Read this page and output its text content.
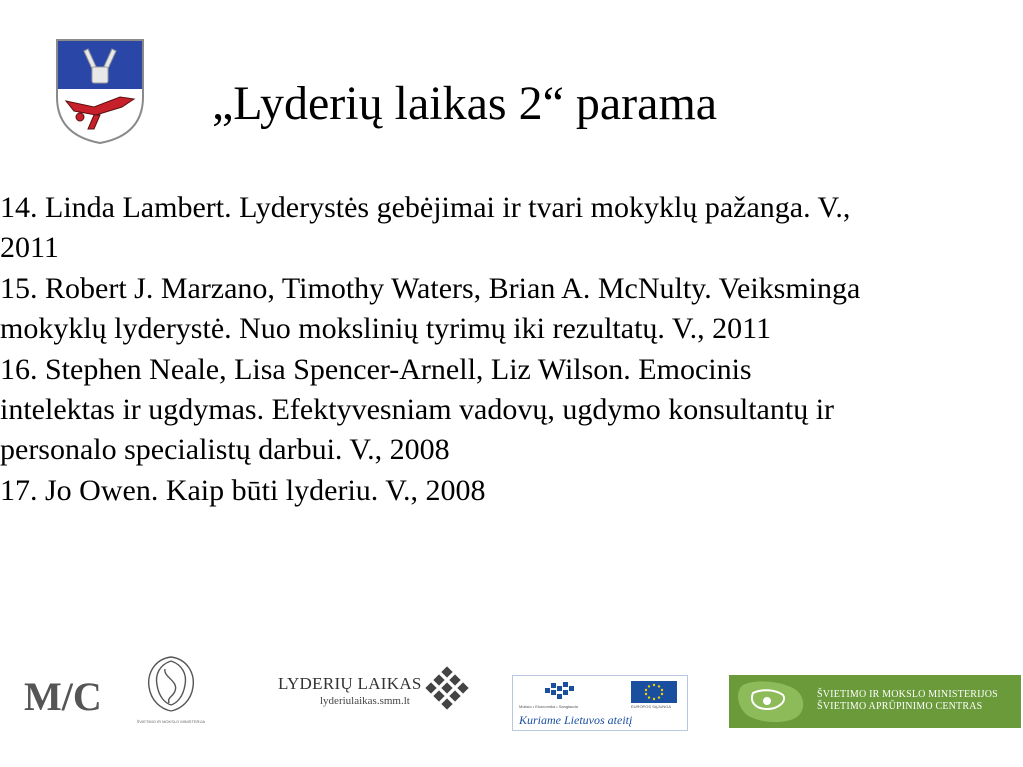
„Lyderių laikas 2“ parama
14. Linda Lambert. Lyderystės gebėjimai ir tvari mokyklų pažanga. V.,
2011
15. Robert J. Marzano, Timothy Waters, Brian A. McNulty. Veiksminga
mokyklų lyderystė. Nuo mokslinių tyrimų iki rezultatų. V., 2011
16. Stephen Neale, Lisa Spencer-Arnell, Liz Wilson. Emocinis
intelektas ir ugdymas. Efektyvesniam vadovų, ugdymo konsultantų ir
personalo specialistų darbui. V., 2008
17. Jo Owen. Kaip būti lyderiu. V., 2008
M/C
ŠVIETIMO IR MOKSLO MINISTERIJA
LYDERIŲ LAIKAS
lyderiulaikas.smm.lt	Mokslo • Ekonomika • Sanglauda	EUROPOS SĄJUNGA
Kuriame Lietuvos ateitį
ŠVIETIMO IR MOKSLO MINISTERIJOS
ŠVIETIMO APRŪPINIMO CENTRAS
